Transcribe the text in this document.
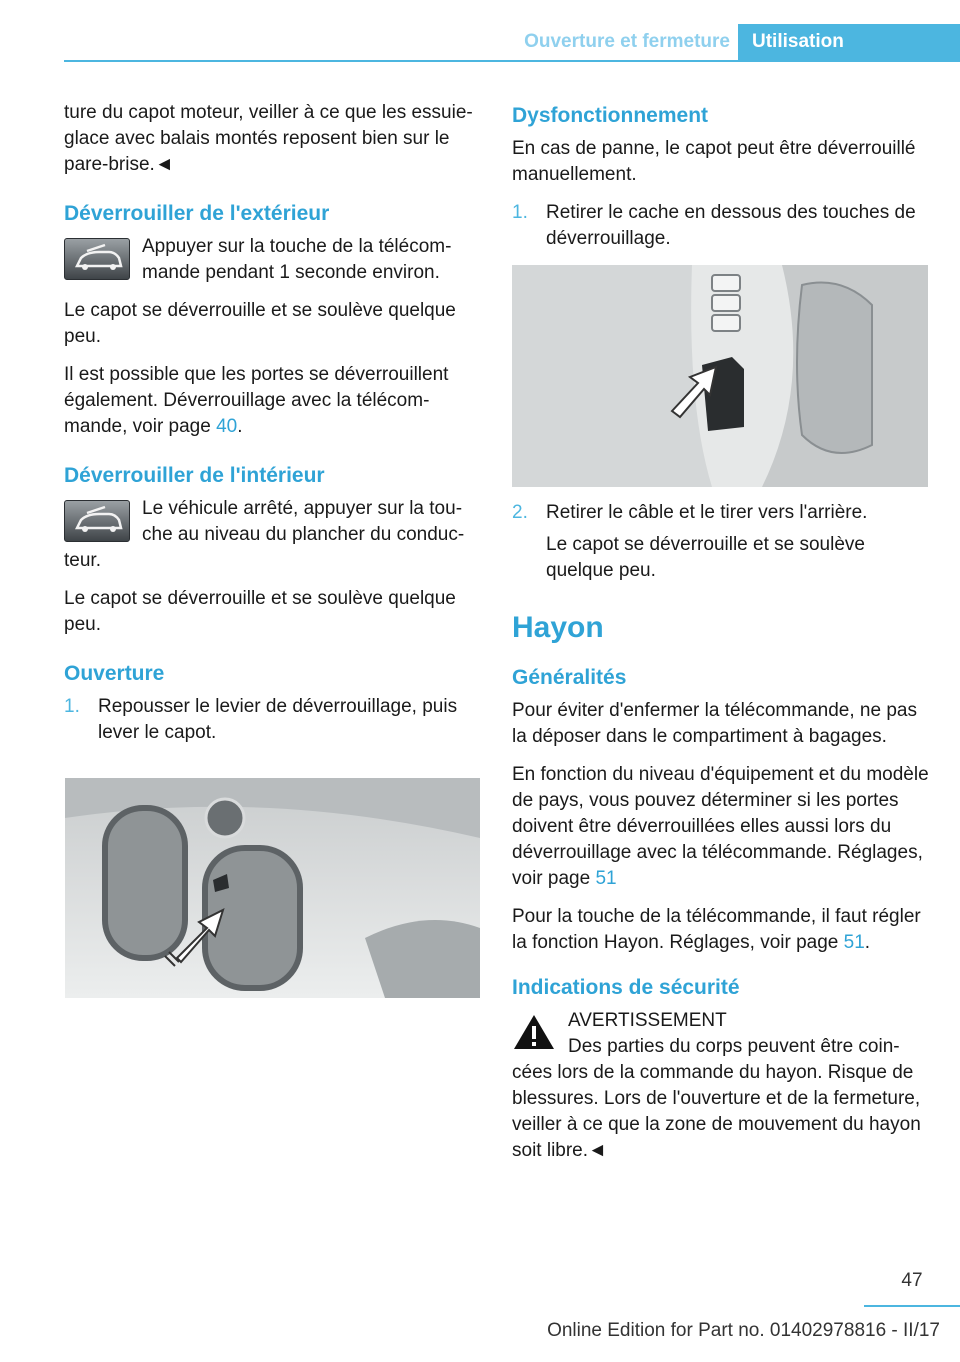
Ouverture et fermeture	Utilisation

ture du capot moteur, veiller à ce que les essuie-glace avec balais montés reposent bien sur le pare-brise.◄

Déverrouiller de l'extérieur
Appuyer sur la touche de la télécommande pendant 1 seconde environ.

Le capot se déverrouille et se soulève quelque peu.

Il est possible que les portes se déverrouillent également. Déverrouillage avec la télécommande, voir page 40.

Déverrouiller de l'intérieur
Le véhicule arrêté, appuyer sur la touche au niveau du plancher du conducteur.

Le capot se déverrouille et se soulève quelque peu.

Ouverture
1. Repousser le levier de déverrouillage, puis lever le capot.
Dysfonctionnement

En cas de panne, le capot peut être déverrouillé manuellement.

1. Retirer le cache en dessous des touches de déverrouillage.
2. Retirer le câble et le tirer vers l'arrière.
Le capot se déverrouille et se soulève quelque peu.
Hayon
Généralités

Pour éviter d'enfermer la télécommande, ne pas la déposer dans le compartiment à bagages.

En fonction du niveau d'équipement et du modèle de pays, vous pouvez déterminer si les portes doivent être déverrouillées elles aussi lors du déverrouillage avec la télécommande. Réglages, voir page 51

Pour la touche de la télécommande, il faut régler la fonction Hayon. Réglages, voir page 51.

Indications de sécurité
AVERTISSEMENT
Des parties du corps peuvent être coincées lors de la commande du hayon. Risque de blessures. Lors de l'ouverture et de la fermeture, veiller à ce que la zone de mouvement du hayon soit libre.◄
47
Online Edition for Part no. 01402978816 - II/17
